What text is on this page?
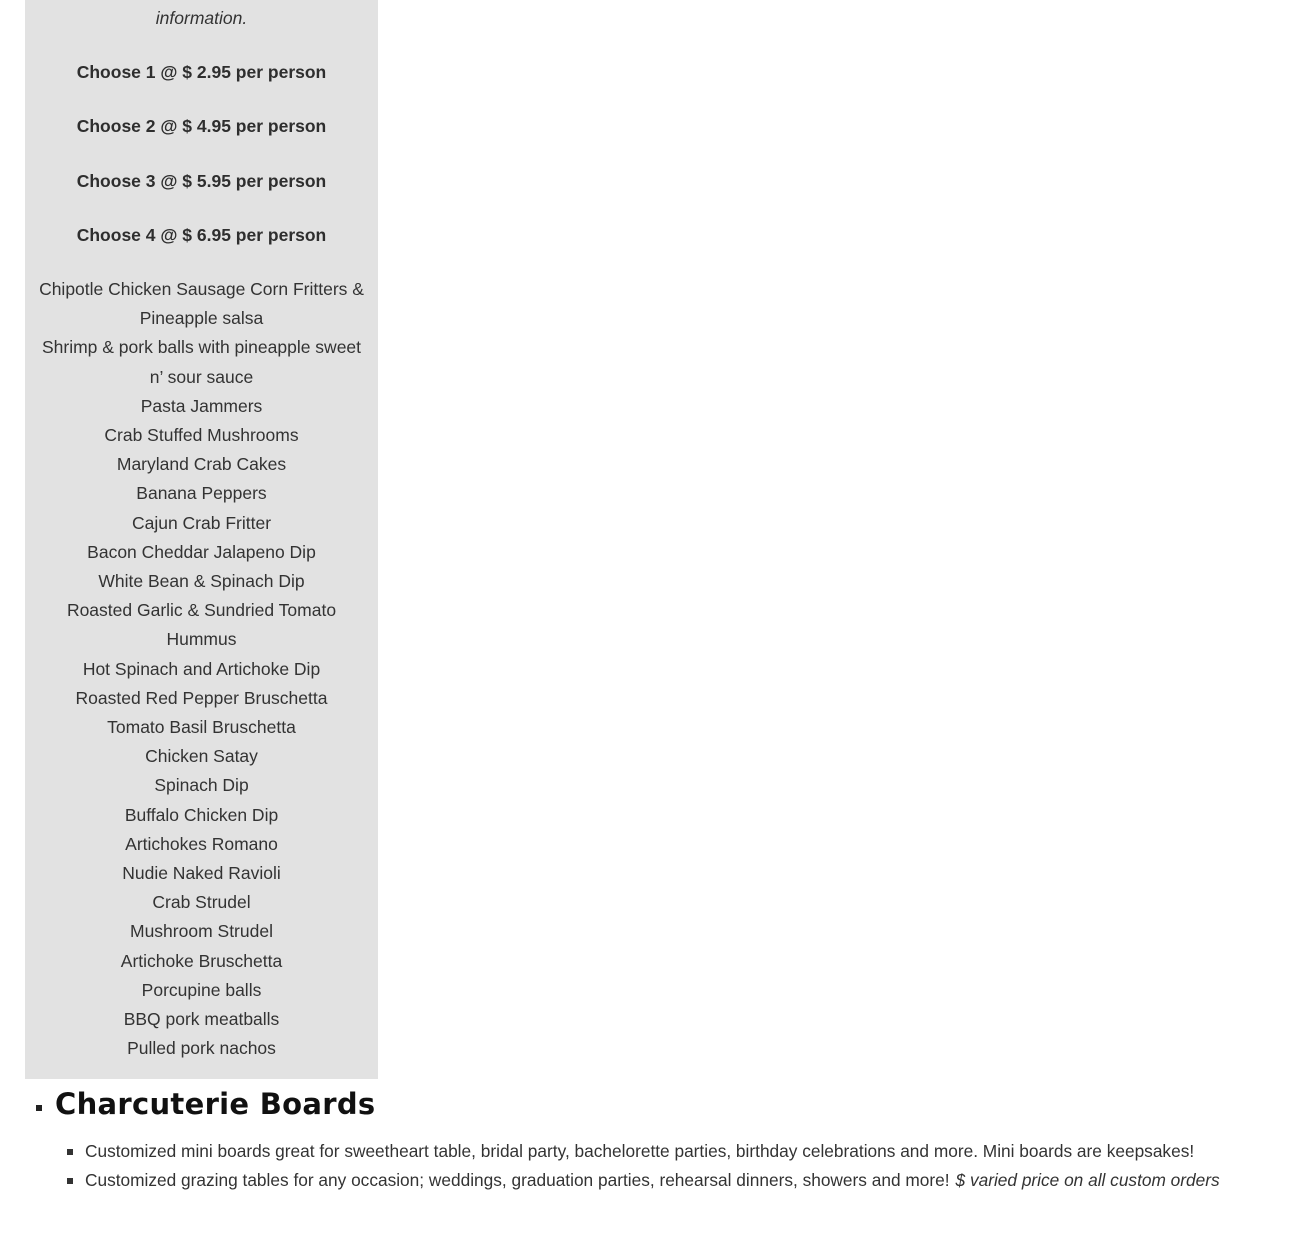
information.

Choose 1 @ $ 2.95 per person
Choose 2 @ $ 4.95 per person
Choose 3 @ $ 5.95 per person
Choose 4 @ $ 6.95 per person
Chipotle Chicken Sausage Corn Fritters & Pineapple salsa
Shrimp & pork balls with pineapple sweet n’ sour sauce
Pasta Jammers
Crab Stuffed Mushrooms
Maryland Crab Cakes
Banana Peppers
Cajun Crab Fritter
Bacon Cheddar Jalapeno Dip
White Bean & Spinach Dip
Roasted Garlic & Sundried Tomato Hummus
Hot Spinach and Artichoke Dip
Roasted Red Pepper Bruschetta
Tomato Basil Bruschetta
Chicken Satay
Spinach Dip
Buffalo Chicken Dip
Artichokes Romano
Nudie Naked Ravioli
Crab Strudel
Mushroom Strudel
Artichoke Bruschetta
Porcupine balls
BBQ pork meatballs
Pulled pork nachos
Charcuterie Boards
Customized mini boards great for sweetheart table, bridal party, bachelorette parties, birthday celebrations and more. Mini boards are keepsakes!
Customized grazing tables for any occasion; weddings, graduation parties, rehearsal dinners, showers and more! $ varied price on all custom orders
